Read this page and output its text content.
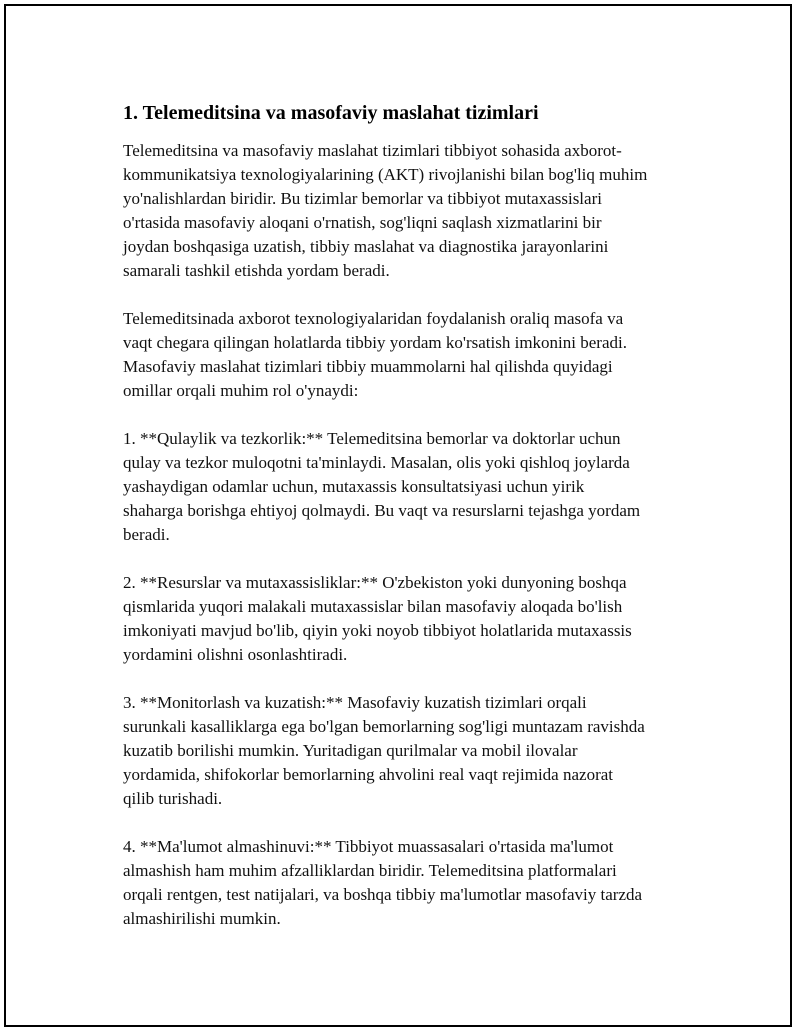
1. Telemeditsina va masofaviy maslahat tizimlari

Telemeditsina va masofaviy maslahat tizimlari tibbiyot sohasida axborot-
kommunikatsiya texnologiyalarining (AKT) rivojlanishi bilan bog'liq muhim
yo'nalishlardan biridir. Bu tizimlar bemorlar va tibbiyot mutaxassislari
o'rtasida masofaviy aloqani o'rnatish, sog'liqni saqlash xizmatlarini bir
joydan boshqasiga uzatish, tibbiy maslahat va diagnostika jarayonlarini
samarali tashkil etishda yordam beradi.

Telemeditsinada axborot texnologiyalaridan foydalanish oraliq masofa va
vaqt chegara qilingan holatlarda tibbiy yordam ko'rsatish imkonini beradi.
Masofaviy maslahat tizimlari tibbiy muammolarni hal qilishda quyidagi
omillar orqali muhim rol o'ynaydi:

1. **Qulaylik va tezkorlik:** Telemeditsina bemorlar va doktorlar uchun
qulay va tezkor muloqotni ta'minlaydi. Masalan, olis yoki qishloq joylarda
yashaydigan odamlar uchun, mutaxassis konsultatsiyasi uchun yirik
shaharga borishga ehtiyoj qolmaydi. Bu vaqt va resurslarni tejashga yordam
beradi.

2. **Resurslar va mutaxassisliklar:** O'zbekiston yoki dunyoning boshqa
qismlarida yuqori malakali mutaxassislar bilan masofaviy aloqada bo'lish
imkoniyati mavjud bo'lib, qiyin yoki noyob tibbiyot holatlarida mutaxassis
yordamini olishni osonlashtiradi.

3. **Monitorlash va kuzatish:** Masofaviy kuzatish tizimlari orqali
surunkali kasalliklarga ega bo'lgan bemorlarning sog'ligi muntazam ravishda
kuzatib borilishi mumkin. Yuritadigan qurilmalar va mobil ilovalar
yordamida, shifokorlar bemorlarning ahvolini real vaqt rejimida nazorat
qilib turishadi.

4. **Ma'lumot almashinuvi:** Tibbiyot muassasalari o'rtasida ma'lumot
almashish ham muhim afzalliklardan biridir. Telemeditsina platformalari
orqali rentgen, test natijalari, va boshqa tibbiy ma'lumotlar masofaviy tarzda
almashirilishi mumkin.
